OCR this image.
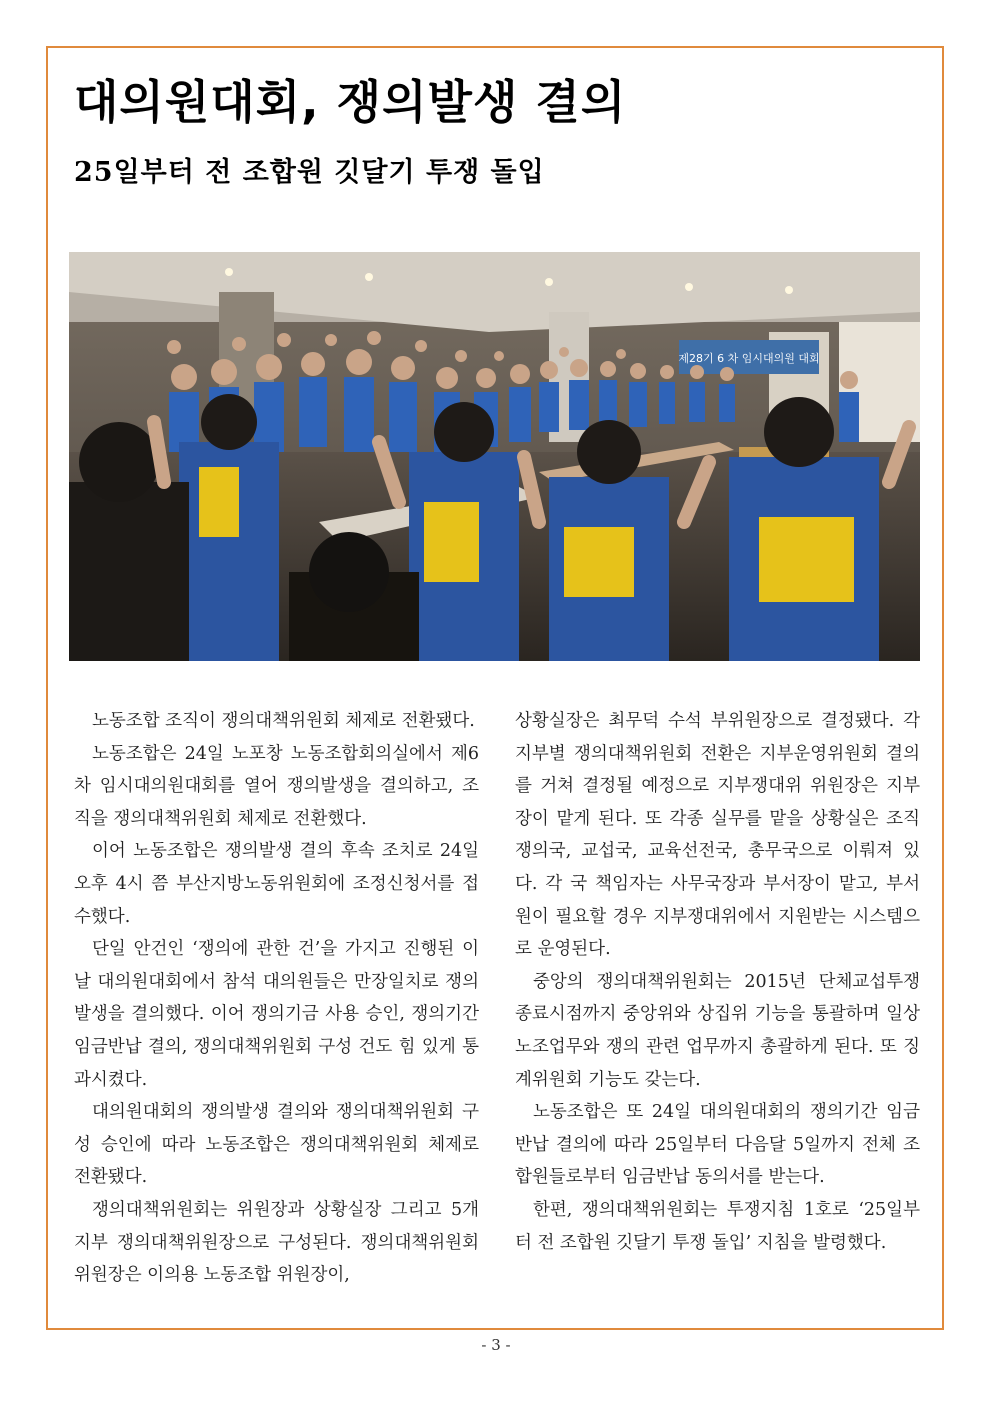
대의원대회, 쟁의발생 결의
25일부터 전 조합원 깃달기 투쟁 돌입
제28기 6 차 임시대의원 대회

노동조합 조직이 쟁의대책위원회 체제로 전환됐다.

노동조합은 24일 노포창 노동조합회의실에서 제6차 임시대의원대회를 열어 쟁의발생을 결의하고, 조직을 쟁의대책위원회 체제로 전환했다.

이어 노동조합은 쟁의발생 결의 후속 조치로 24일 오후 4시 쯤 부산지방노동위원회에 조정신청서를 접수했다.

단일 안건인 ‘쟁의에 관한 건’을 가지고 진행된 이날 대의원대회에서 참석 대의원들은 만장일치로 쟁의 발생을 결의했다. 이어 쟁의기금 사용 승인, 쟁의기간 임금반납 결의, 쟁의대책위원회 구성 건도 힘 있게 통과시켰다.

대의원대회의 쟁의발생 결의와 쟁의대책위원회 구성 승인에 따라 노동조합은 쟁의대책위원회 체제로 전환됐다.

쟁의대책위원회는 위원장과 상황실장 그리고 5개 지부 쟁의대책위원장으로 구성된다. 쟁의대책위원회 위원장은 이의용 노동조합 위원장이,

상황실장은 최무덕 수석 부위원장으로 결정됐다. 각 지부별 쟁의대책위원회 전환은 지부운영위원회 결의를 거쳐 결정될 예정으로 지부쟁대위 위원장은 지부장이 맡게 된다. 또 각종 실무를 맡을 상황실은 조직쟁의국, 교섭국, 교육선전국, 총무국으로 이뤄져 있다. 각 국 책임자는 사무국장과 부서장이 맡고, 부서원이 필요할 경우 지부쟁대위에서 지원받는 시스템으로 운영된다.

중앙의 쟁의대책위원회는 2015년 단체교섭투쟁 종료시점까지 중앙위와 상집위 기능을 통괄하며 일상노조업무와 쟁의 관련 업무까지 총괄하게 된다. 또 징계위원회 기능도 갖는다.

노동조합은 또 24일 대의원대회의 쟁의기간 임금반납 결의에 따라 25일부터 다음달 5일까지 전체 조합원들로부터 임금반납 동의서를 받는다.

한편, 쟁의대책위원회는 투쟁지침 1호로 ‘25일부터 전 조합원 깃달기 투쟁 돌입’ 지침을 발령했다.

- 3 -
